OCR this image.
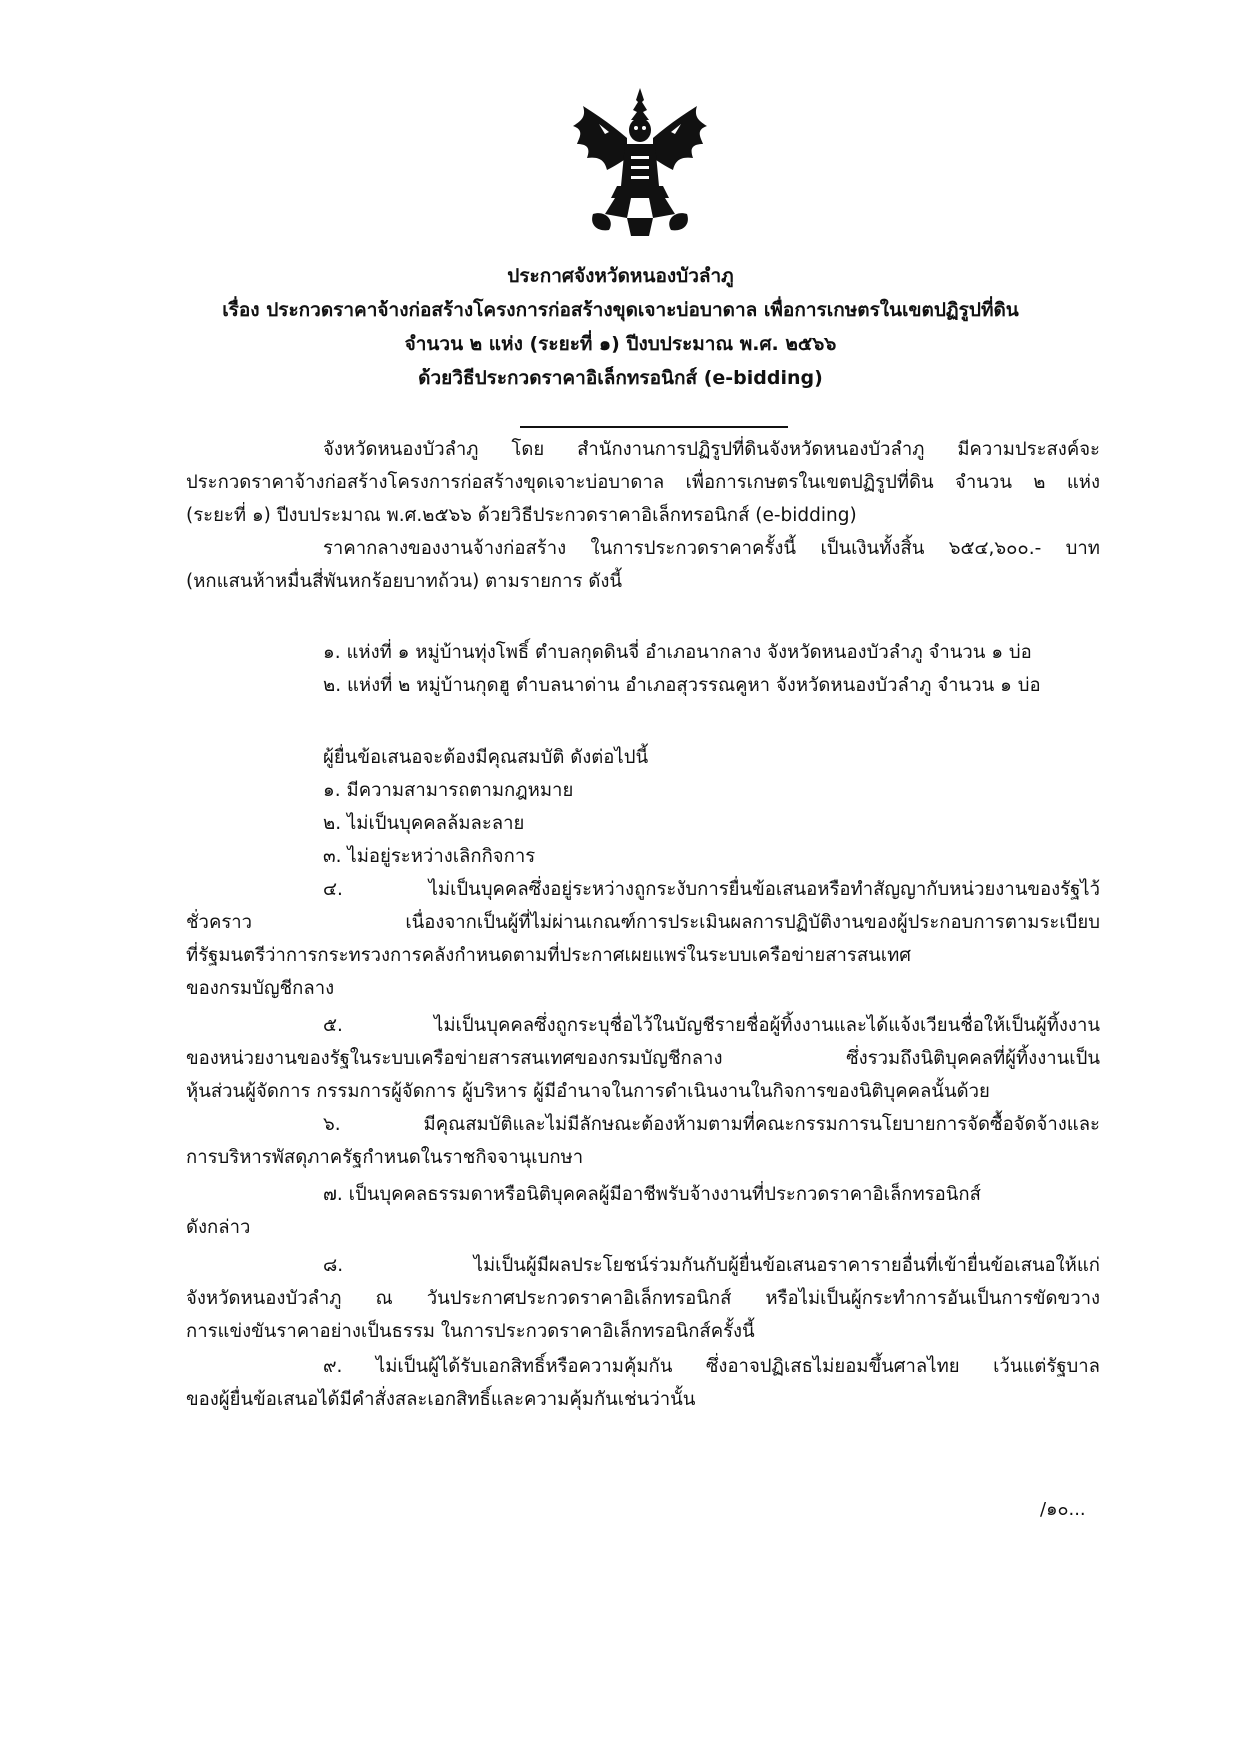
ประกาศจังหวัดหนองบัวลำภู
เรื่อง ประกวดราคาจ้างก่อสร้างโครงการก่อสร้างขุดเจาะบ่อบาดาล เพื่อการเกษตรในเขตปฏิรูปที่ดิน
จำนวน ๒ แห่ง (ระยะที่ ๑) ปีงบประมาณ พ.ศ. ๒๕๖๖
ด้วยวิธีประกวดราคาอิเล็กทรอนิกส์ (e-bidding)
จังหวัดหนองบัวลำภู โดย สำนักงานการปฏิรูปที่ดินจังหวัดหนองบัวลำภู มีความประสงค์จะ
ประกวดราคาจ้างก่อสร้างโครงการก่อสร้างขุดเจาะบ่อบาดาล เพื่อการเกษตรในเขตปฏิรูปที่ดิน จำนวน ๒ แห่ง
(ระยะที่ ๑) ปีงบประมาณ พ.ศ.๒๕๖๖ ด้วยวิธีประกวดราคาอิเล็กทรอนิกส์ (e-bidding)
ราคากลางของงานจ้างก่อสร้าง ในการประกวดราคาครั้งนี้ เป็นเงินทั้งสิ้น ๖๕๔,๖๐๐.- บาท
(หกแสนห้าหมื่นสี่พันหกร้อยบาทถ้วน) ตามรายการ ดังนี้
๑. แห่งที่ ๑ หมู่บ้านทุ่งโพธิ์ ตำบลกุดดินจี่ อำเภอนากลาง จังหวัดหนองบัวลำภู จำนวน ๑ บ่อ
๒. แห่งที่ ๒ หมู่บ้านกุดฮู ตำบลนาด่าน อำเภอสุวรรณคูหา จังหวัดหนองบัวลำภู จำนวน ๑ บ่อ
ผู้ยื่นข้อเสนอจะต้องมีคุณสมบัติ ดังต่อไปนี้
๑. มีความสามารถตามกฎหมาย
๒. ไม่เป็นบุคคลล้มละลาย
๓. ไม่อยู่ระหว่างเลิกกิจการ
๔. ไม่เป็นบุคคลซึ่งอยู่ระหว่างถูกระงับการยื่นข้อเสนอหรือทำสัญญากับหน่วยงานของรัฐไว้
ชั่วคราว เนื่องจากเป็นผู้ที่ไม่ผ่านเกณฑ์การประเมินผลการปฏิบัติงานของผู้ประกอบการตามระเบียบ
ที่รัฐมนตรีว่าการกระทรวงการคลังกำหนดตามที่ประกาศเผยแพร่ในระบบเครือข่ายสารสนเทศ
ของกรมบัญชีกลาง
๕. ไม่เป็นบุคคลซึ่งถูกระบุชื่อไว้ในบัญชีรายชื่อผู้ทิ้งงานและได้แจ้งเวียนชื่อให้เป็นผู้ทิ้งงาน
ของหน่วยงานของรัฐในระบบเครือข่ายสารสนเทศของกรมบัญชีกลาง ซึ่งรวมถึงนิติบุคคลที่ผู้ทิ้งงานเป็น
หุ้นส่วนผู้จัดการ กรรมการผู้จัดการ ผู้บริหาร ผู้มีอำนาจในการดำเนินงานในกิจการของนิติบุคคลนั้นด้วย
๖. มีคุณสมบัติและไม่มีลักษณะต้องห้ามตามที่คณะกรรมการนโยบายการจัดซื้อจัดจ้างและ
การบริหารพัสดุภาครัฐกำหนดในราชกิจจานุเบกษา
๗. เป็นบุคคลธรรมดาหรือนิติบุคคลผู้มีอาชีพรับจ้างงานที่ประกวดราคาอิเล็กทรอนิกส์
ดังกล่าว
๘. ไม่เป็นผู้มีผลประโยชน์ร่วมกันกับผู้ยื่นข้อเสนอราคารายอื่นที่เข้ายื่นข้อเสนอให้แก่
จังหวัดหนองบัวลำภู ณ วันประกาศประกวดราคาอิเล็กทรอนิกส์ หรือไม่เป็นผู้กระทำการอันเป็นการขัดขวาง
การแข่งขันราคาอย่างเป็นธรรม ในการประกวดราคาอิเล็กทรอนิกส์ครั้งนี้
๙. ไม่เป็นผู้ได้รับเอกสิทธิ์หรือความคุ้มกัน ซึ่งอาจปฏิเสธไม่ยอมขึ้นศาลไทย เว้นแต่รัฐบาล
ของผู้ยื่นข้อเสนอได้มีคำสั่งสละเอกสิทธิ์และความคุ้มกันเช่นว่านั้น
/๑๐...
